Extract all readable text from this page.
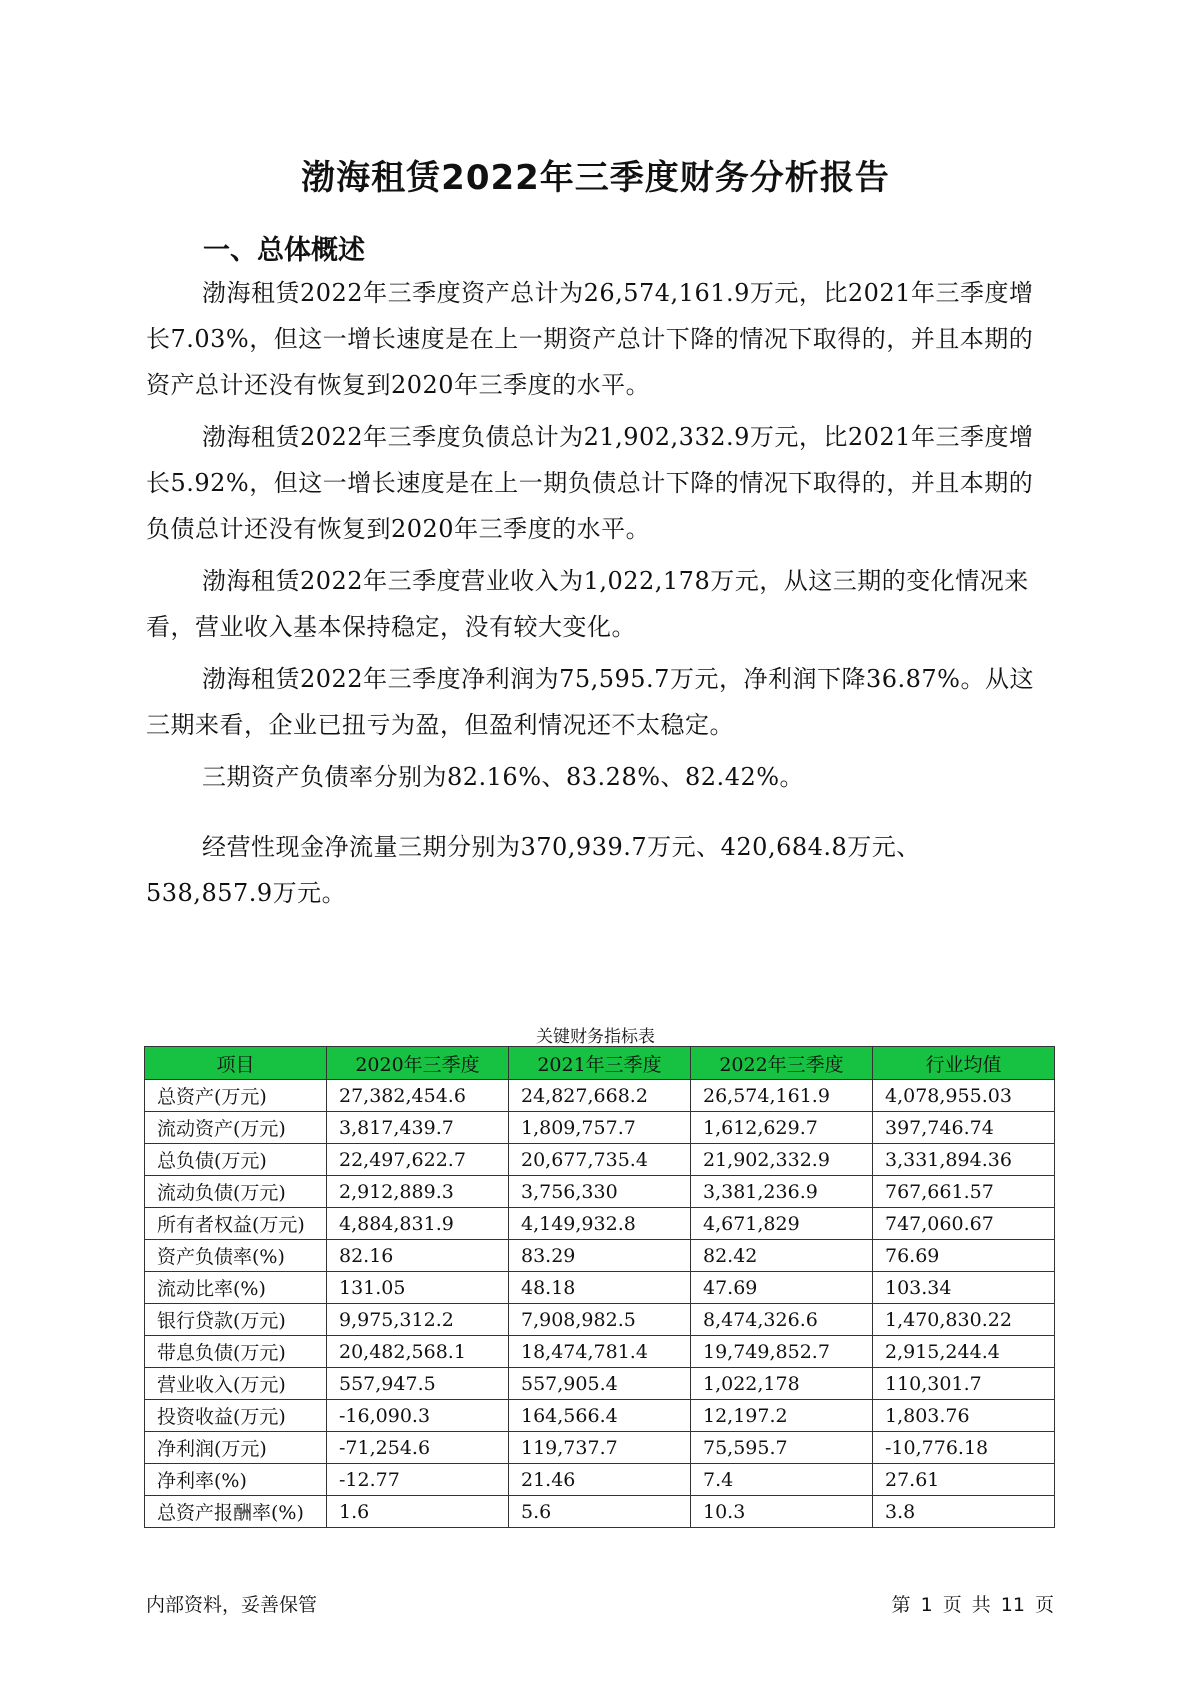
渤海租赁2022年三季度财务分析报告
一、总体概述
渤海租赁2022年三季度资产总计为26,574,161.9万元，比2021年三季度增长7.03%，但这一增长速度是在上一期资产总计下降的情况下取得的，并且本期的资产总计还没有恢复到2020年三季度的水平。
渤海租赁2022年三季度负债总计为21,902,332.9万元，比2021年三季度增长5.92%，但这一增长速度是在上一期负债总计下降的情况下取得的，并且本期的负债总计还没有恢复到2020年三季度的水平。
渤海租赁2022年三季度营业收入为1,022,178万元，从这三期的变化情况来看，营业收入基本保持稳定，没有较大变化。
渤海租赁2022年三季度净利润为75,595.7万元，净利润下降36.87%。从这三期来看，企业已扭亏为盈，但盈利情况还不太稳定。
三期资产负债率分别为82.16%、83.28%、82.42%。
经营性现金净流量三期分别为370,939.7万元、420,684.8万元、538,857.9万元。
关键财务指标表
项目	2020年三季度	2021年三季度	2022年三季度	行业均值
总资产(万元)	27,382,454.6	24,827,668.2	26,574,161.9	4,078,955.03
流动资产(万元)	3,817,439.7	1,809,757.7	1,612,629.7	397,746.74
总负债(万元)	22,497,622.7	20,677,735.4	21,902,332.9	3,331,894.36
流动负债(万元)	2,912,889.3	3,756,330	3,381,236.9	767,661.57
所有者权益(万元)	4,884,831.9	4,149,932.8	4,671,829	747,060.67
资产负债率(%)	82.16	83.29	82.42	76.69
流动比率(%)	131.05	48.18	47.69	103.34
银行贷款(万元)	9,975,312.2	7,908,982.5	8,474,326.6	1,470,830.22
带息负债(万元)	20,482,568.1	18,474,781.4	19,749,852.7	2,915,244.4
营业收入(万元)	557,947.5	557,905.4	1,022,178	110,301.7
投资收益(万元)	-16,090.3	164,566.4	12,197.2	1,803.76
净利润(万元)	-71,254.6	119,737.7	75,595.7	-10,776.18
净利率(%)	-12.77	21.46	7.4	27.61
总资产报酬率(%)	1.6	5.6	10.3	3.8
内部资料，妥善保管	第 1 页 共 11 页
